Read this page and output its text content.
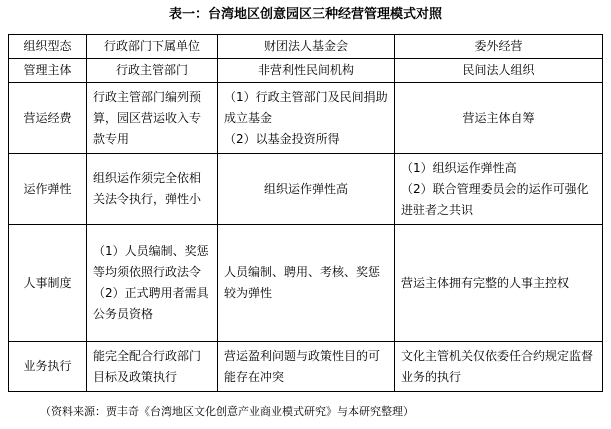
表一：台湾地区创意园区三种经营管理模式对照
组织型态	行政部门下属单位	财团法人基金会	委外经营
管理主体	行政主管部门	非营利性民间机构	民间法人组织

营运经费	行政主管部门编列预算，园区营运收入专款专用	（1）行政主管部门及民间捐助成立基金
（2）以基金投资所得	营运主体自筹

运作弹性	组织运作须完全依相关法令执行，弹性小	组织运作弹性高	（1）组织运作弹性高
（2）联合管理委员会的运作可强化进驻者之共识

人事制度	（1）人员编制、奖惩等均须依照行政法令
（2）正式聘用者需具公务员资格	人员编制、聘用、考核、奖惩较为弹性	营运主体拥有完整的人事主控权

业务执行	能完全配合行政部门目标及政策执行	营运盈利问题与政策性目的可能存在冲突	文化主管机关仅依委任合约规定监督业务的执行
（资料来源：贾丰奇《台湾地区文化创意产业商业模式研究》与本研究整理）
